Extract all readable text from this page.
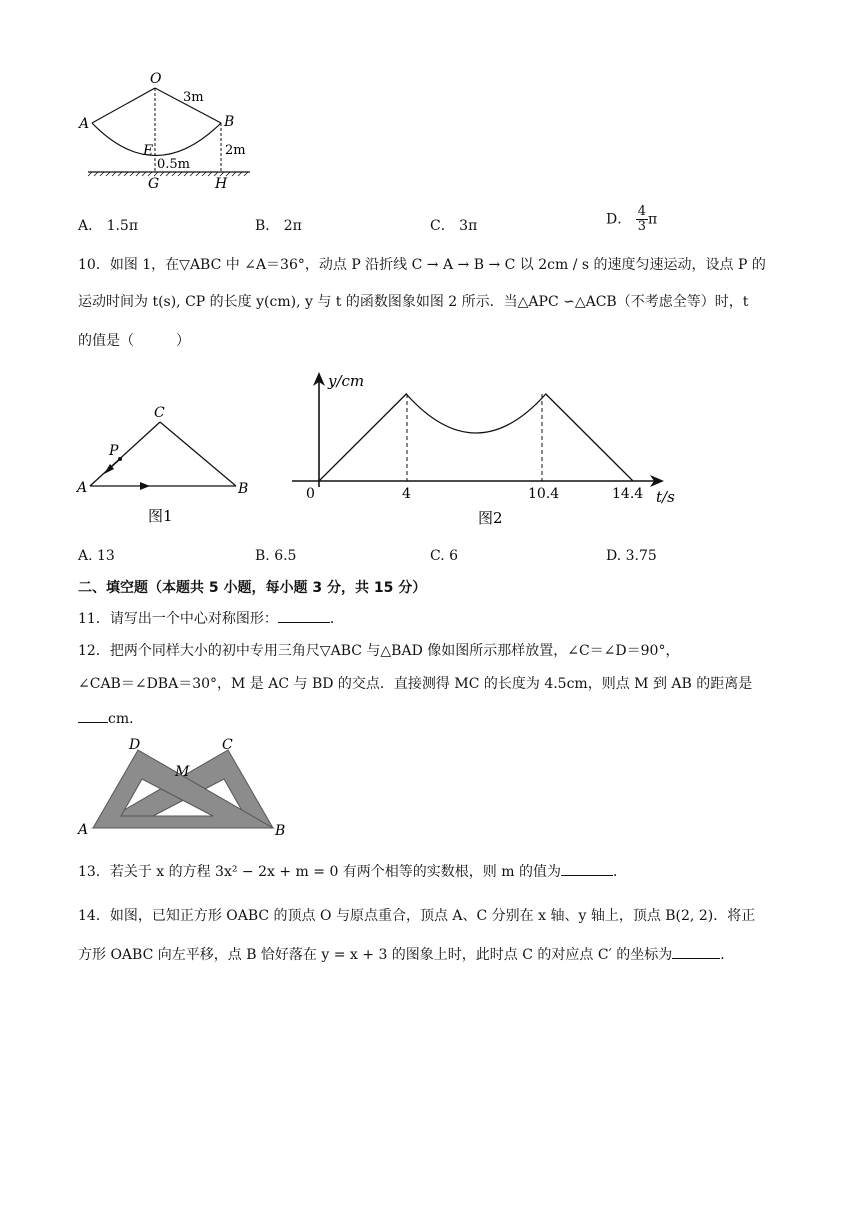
O
A	B
E
G	H
3m
2m
0.5m
A． 1.5π	B． 2π	C． 3π	D． $\frac{4}{3}$ π
10．如图 1，在▽ABC 中 ∠A＝36°，动点 P 沿折线 C → A → B → C 以 2cm / s 的速度匀速运动，设点 P 的
运动时间为 t(s), CP 的长度 y(cm), y 与 t 的函数图象如图 2 所示．当△APC ∽△ACB（不考虑全等）时，t
的值是（　　　）
C
P
A	B
图1
y/cm
t/s
0	4	10.4	14.4
图2
A. 13	B. 6.5	C. 6	D. 3.75
二、填空题（本题共 5 小题，每小题 3 分，共 15 分）
11．请写出一个中心对称图形：	．
12．把两个同样大小的初中专用三角尺▽ABC 与△BAD 像如图所示那样放置，∠C＝∠D＝90°，
∠CAB＝∠DBA＝30°，M 是 AC 与 BD 的交点．直接测得 MC 的长度为 4.5cm，则点 M 到 AB 的距离是
cm．
D	C
M
A	B
13．若关于 x 的方程 3x² − 2x + m = 0 有两个相等的实数根，则 m 的值为	．
14．如图，已知正方形 OABC 的顶点 O 与原点重合，顶点 A、C 分别在 x 轴、y 轴上，顶点 B(2, 2)．将正
方形 OABC 向左平移，点 B 恰好落在 y = x + 3 的图象上时，此时点 C 的对应点 C′ 的坐标为	．
